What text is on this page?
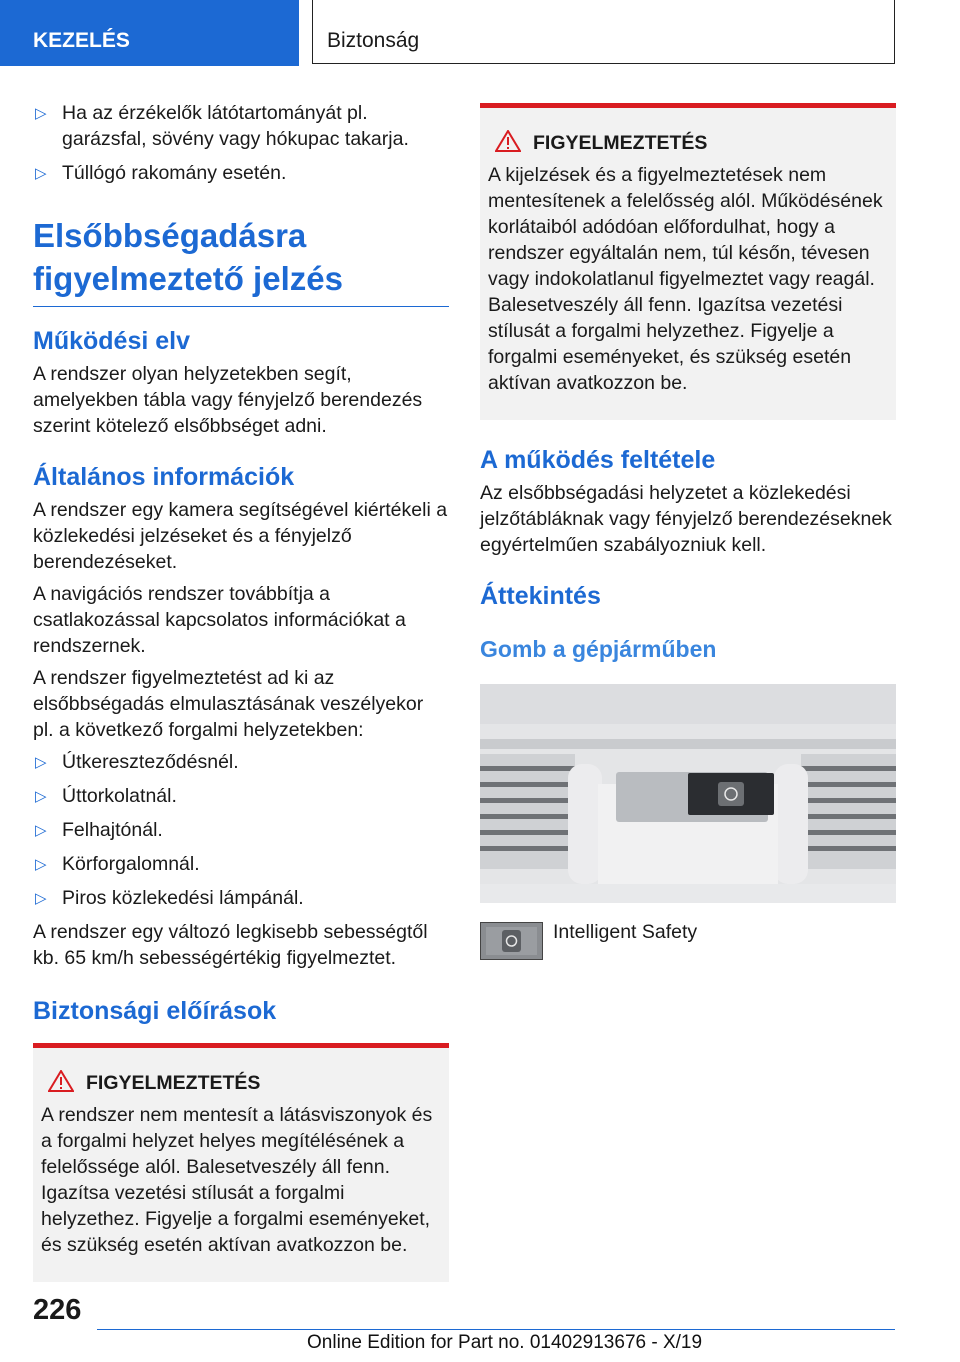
KEZELÉS	Biztonság
▷ Ha az érzékelők látótartományát pl. garázsfal, sövény vagy hókupac takarja.
▷ Túllógó rakomány esetén.
Elsőbbségadásra figyelmeztető jelzés
Működési elv

A rendszer olyan helyzetekben segít, amelyekben tábla vagy fényjelző berendezés szerint kötelező elsőbbséget adni.

Általános információk

A rendszer egy kamera segítségével kiértékeli a közlekedési jelzéseket és a fényjelző berendezéseket.

A navigációs rendszer továbbítja a csatlakozással kapcsolatos információkat a rendszernek.

A rendszer figyelmeztetést ad ki az elsőbbségadás elmulasztásának veszélyekor pl. a következő forgalmi helyzetekben:

▷ Útkereszteződésnél.
▷ Úttorkolatnál.
▷ Felhajtónál.
▷ Körforgalomnál.
▷ Piros közlekedési lámpánál.

A rendszer egy változó legkisebb sebességtől kb. 65 km/h sebességértékig figyelmeztet.

Biztonsági előírások
FIGYELMEZTETÉS

A rendszer nem mentesít a látásviszonyok és a forgalmi helyzet helyes megítélésének a felelőssége alól. Balesetveszély áll fenn. Igazítsa vezetési stílusát a forgalmi helyzethez. Figyelje a forgalmi eseményeket, és szükség esetén aktívan avatkozzon be.

FIGYELMEZTETÉS

A kijelzések és a figyelmeztetések nem mentesítenek a felelősség alól. Működésének korlátaiból adódóan előfordulhat, hogy a rendszer egyáltalán nem, túl későn, tévesen vagy indokolatlanul figyelmeztet vagy reagál. Balesetveszély áll fenn. Igazítsa vezetési stílusát a forgalmi helyzethez. Figyelje a forgalmi eseményeket, és szükség esetén aktívan avatkozzon be.

A működés feltétele

Az elsőbbségadási helyzetet a közlekedési jelzőtábláknak vagy fényjelző berendezéseknek egyértelműen szabályozniuk kell.

Áttekintés
Gomb a gépjárműben
Intelligent Safety
226
Online Edition for Part no. 01402913676 - X/19
